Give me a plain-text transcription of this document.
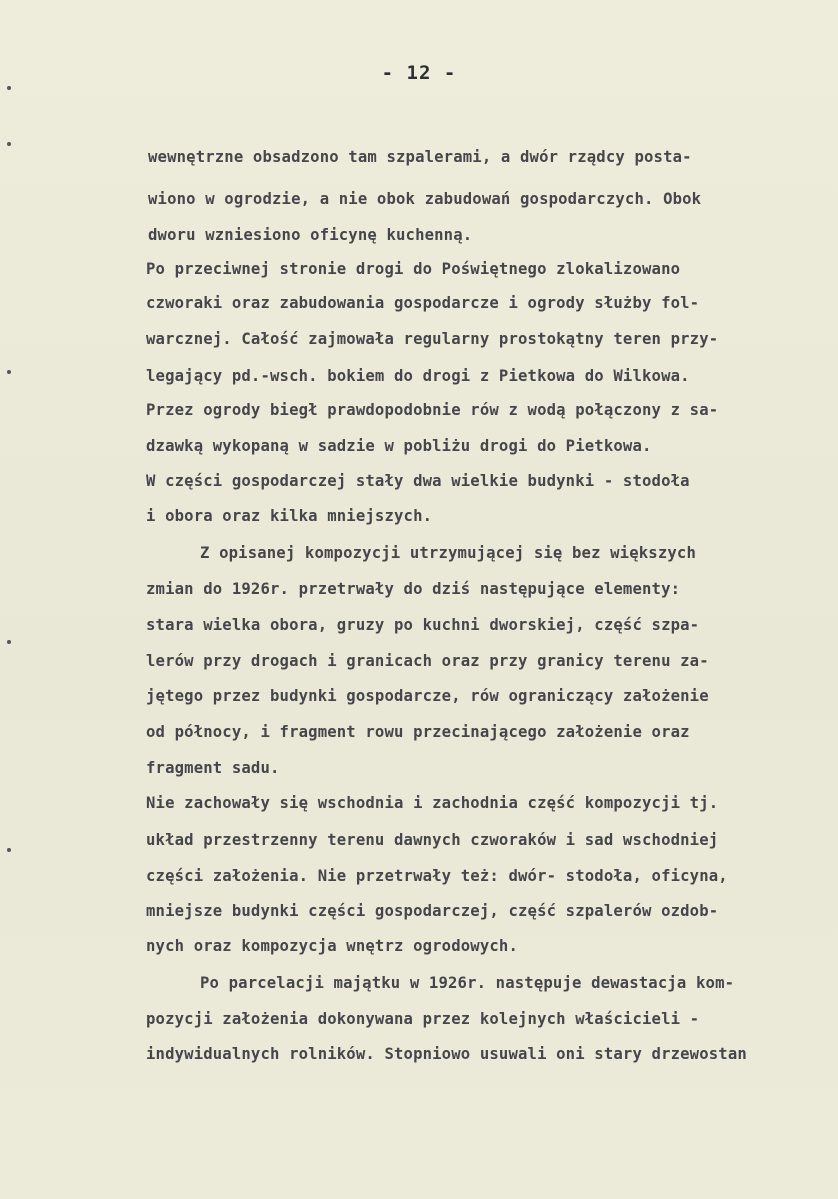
- 12 -
wewnętrzne obsadzono tam szpalerami, a dwór rządcy posta-
wiono w ogrodzie, a nie obok zabudowań gospodarczych. Obok
dworu wzniesiono oficynę kuchenną.
Po przeciwnej stronie drogi do Poświętnego zlokalizowano
czworaki oraz zabudowania gospodarcze i ogrody służby fol-
warcznej. Całość zajmowała regularny prostokątny teren przy-
legający pd.-wsch. bokiem do drogi z Pietkowa do Wilkowa.
Przez ogrody biegł prawdopodobnie rów z wodą połączony z sa-
dzawką wykopaną w sadzie w pobliżu drogi do Pietkowa.
W części gospodarczej stały dwa wielkie budynki - stodoła
i obora oraz kilka mniejszych.
Z opisanej kompozycji utrzymującej się bez większych
zmian do 1926r. przetrwały do dziś następujące elementy:
stara wielka obora, gruzy po kuchni dworskiej, część szpa-
lerów przy drogach i granicach oraz przy granicy terenu za-
jętego przez budynki gospodarcze, rów ograniczący założenie
od północy, i fragment rowu przecinającego założenie oraz
fragment sadu.
Nie zachowały się wschodnia i zachodnia część kompozycji tj.
układ przestrzenny terenu dawnych czworaków i sad wschodniej
części założenia. Nie przetrwały też: dwór- stodoła, oficyna,
mniejsze budynki części gospodarczej, część szpalerów ozdob-
nych oraz kompozycja wnętrz ogrodowych.
Po parcelacji majątku w 1926r. następuje dewastacja kom-
pozycji założenia dokonywana przez kolejnych właścicieli -
indywidualnych rolników. Stopniowo usuwali oni stary drzewostan
